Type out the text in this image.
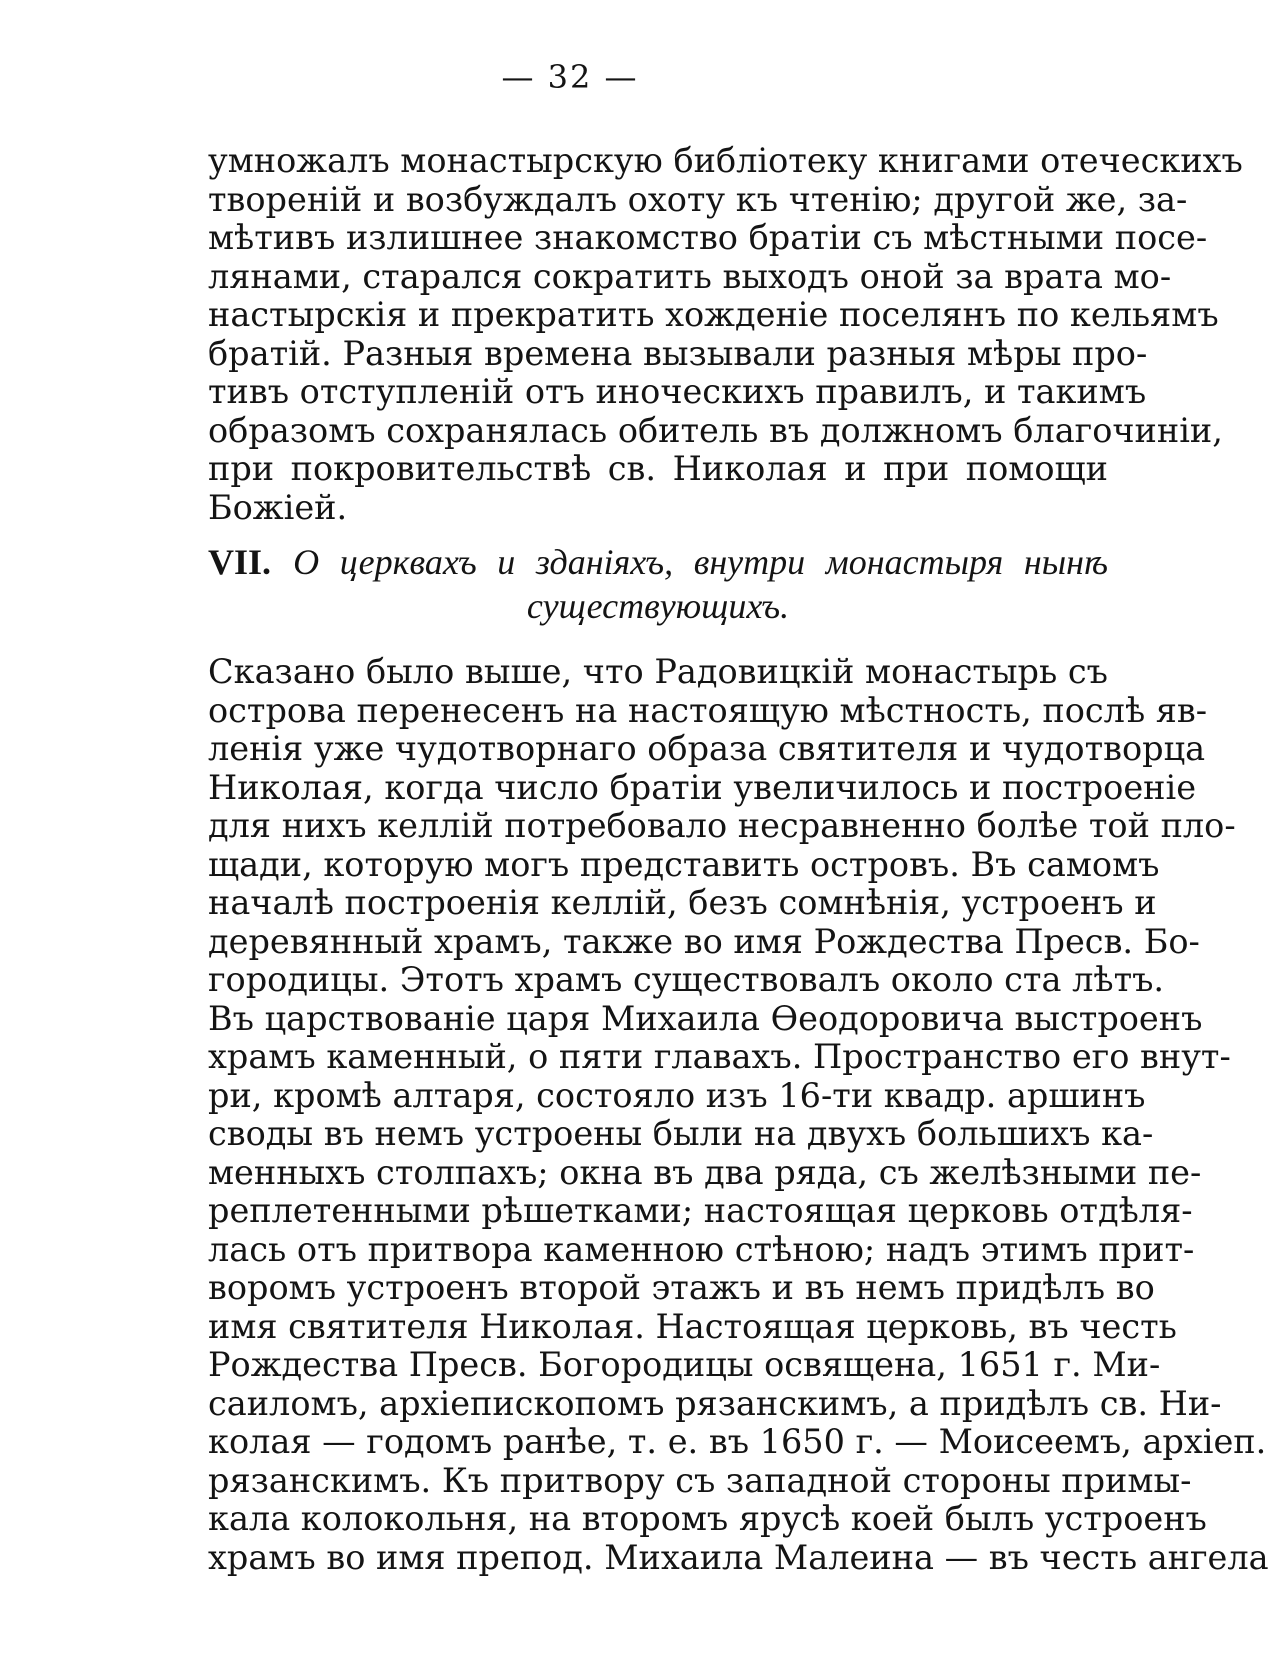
— 32 —
умножалъ монастырскую библіотеку книгами отеческихъ
твореній и возбуждалъ охоту къ чтенію; другой же, за-
мѣтивъ излишнее знакомство братіи съ мѣстными посе-
лянами, старался сократить выходъ оной за врата мо-
настырскія и прекратить хожденіе поселянъ по кельямъ
братій. Разныя времена вызывали разныя мѣры про-
тивъ отступленій отъ иноческихъ правилъ, и такимъ
образомъ сохранялась обитель въ должномъ благочиніи,
при покровительствѣ св. Николая и при помощи
Божіей.
VII. О церквахъ и зданіяхъ, внутри монастыря нынѣ
существующихъ.
Сказано было выше, что Радовицкій монастырь съ
острова перенесенъ на настоящую мѣстность, послѣ яв-
ленія уже чудотворнаго образа святителя и чудотворца
Николая, когда число братіи увеличилось и построеніе
для нихъ келлій потребовало несравненно болѣе той пло-
щади, которую могъ представить островъ. Въ самомъ
началѣ построенія келлій, безъ сомнѣнія, устроенъ и
деревянный храмъ, также во имя Рождества Пресв. Бо-
городицы. Этотъ храмъ существовалъ около ста лѣтъ.
Въ царствованіе царя Михаила Ѳеодоровича выстроенъ
храмъ каменный, о пяти главахъ. Пространство его внут-
ри, кромѣ алтаря, состояло изъ 16-ти квадр. аршинъ
своды въ немъ устроены были на двухъ большихъ ка-
менныхъ столпахъ; окна въ два ряда, съ желѣзными пе-
реплетенными рѣшетками; настоящая церковь отдѣля-
лась отъ притвора каменною стѣною; надъ этимъ прит-
воромъ устроенъ второй этажъ и въ немъ придѣлъ во
имя святителя Николая. Настоящая церковь, въ честь
Рождества Пресв. Богородицы освящена, 1651 г. Ми-
саиломъ, архіепископомъ рязанскимъ, а придѣлъ св. Ни-
колая — годомъ ранѣе, т. е. въ 1650 г. — Моисеемъ, архіеп.
рязанскимъ. Къ притвору съ западной стороны примы-
кала колокольня, на второмъ ярусѣ коей былъ устроенъ
храмъ во имя препод. Михаила Малеина — въ честь ангела
